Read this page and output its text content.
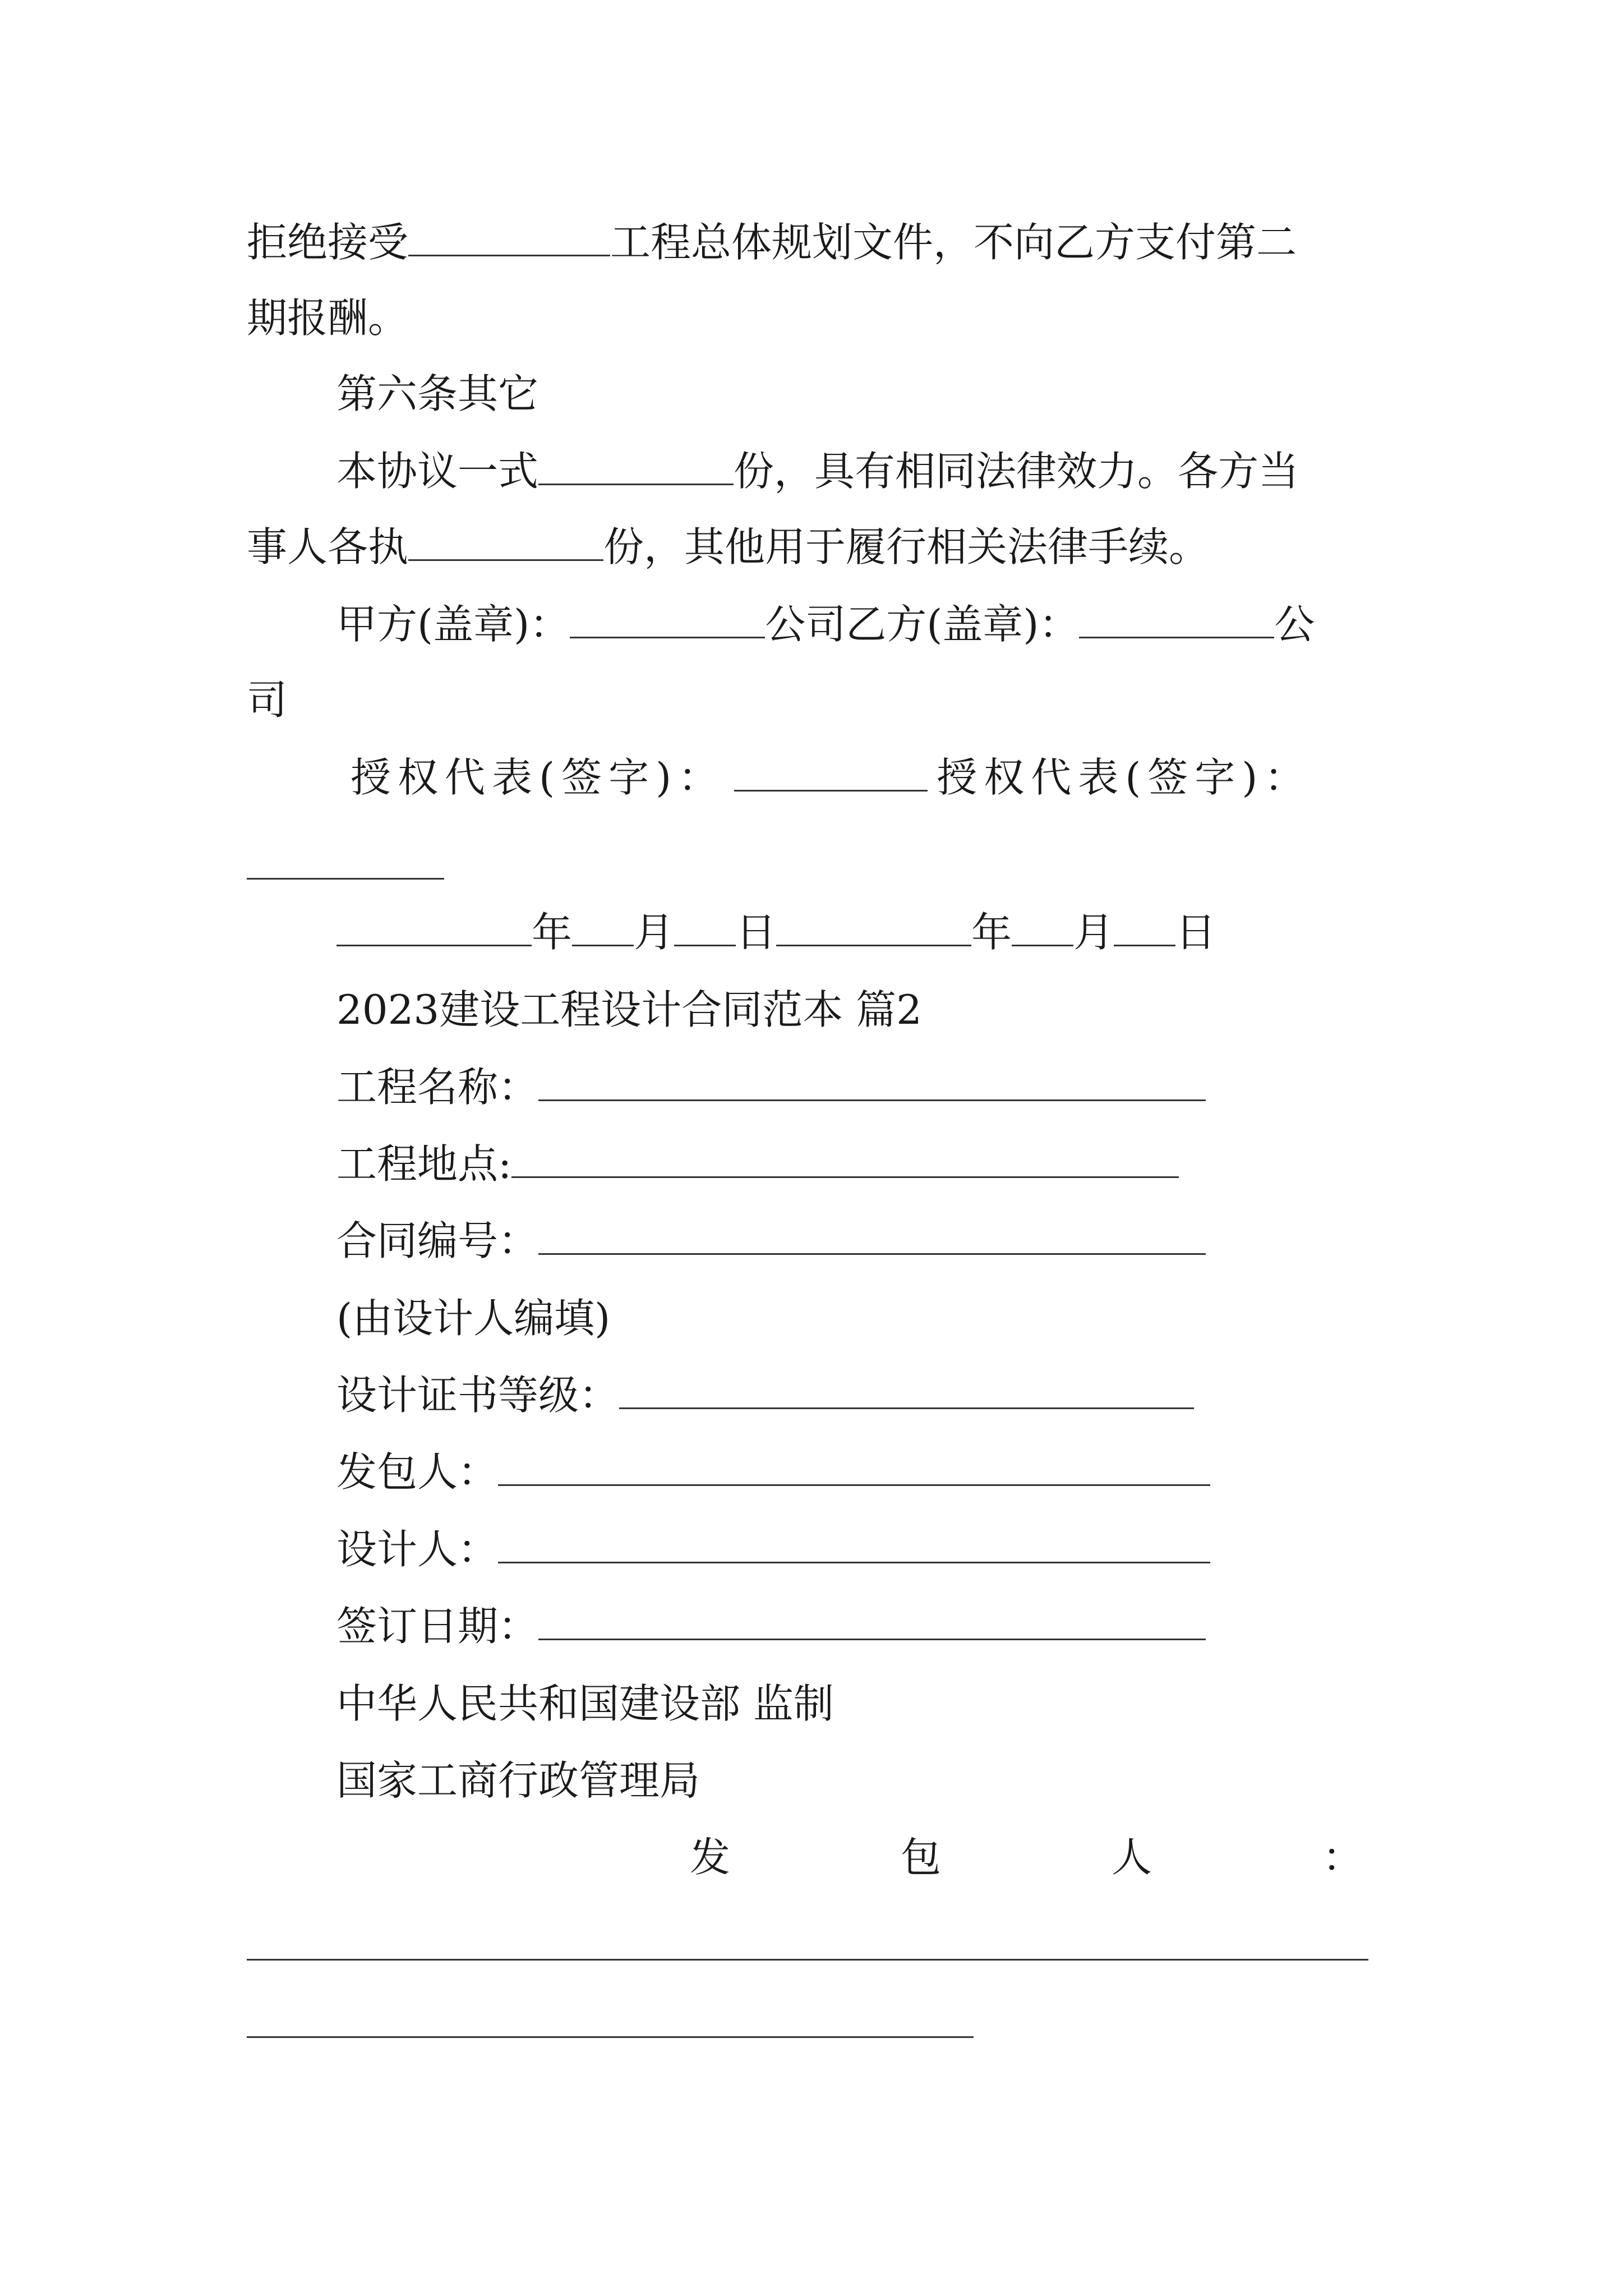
拒绝接受	工程总体规划文件，不向乙方支付第二
期报酬。
第六条其它
本协议一式	份，具有相同法律效力。各方当
事人各执	份，其他用于履行相关法律手续。
甲方(盖章)：	公司乙方(盖章)：	公
司
授权代表(签字)：	授权代表(签字)：
年 月 日	年 月 日
2023建设工程设计合同范本 篇2
工程名称：
工程地点:
合同编号：
(由设计人编填)
设计证书等级：
发包人：
设计人：
签订日期：
中华人民共和国建设部 监制
国家工商行政管理局
发	包	人	：
